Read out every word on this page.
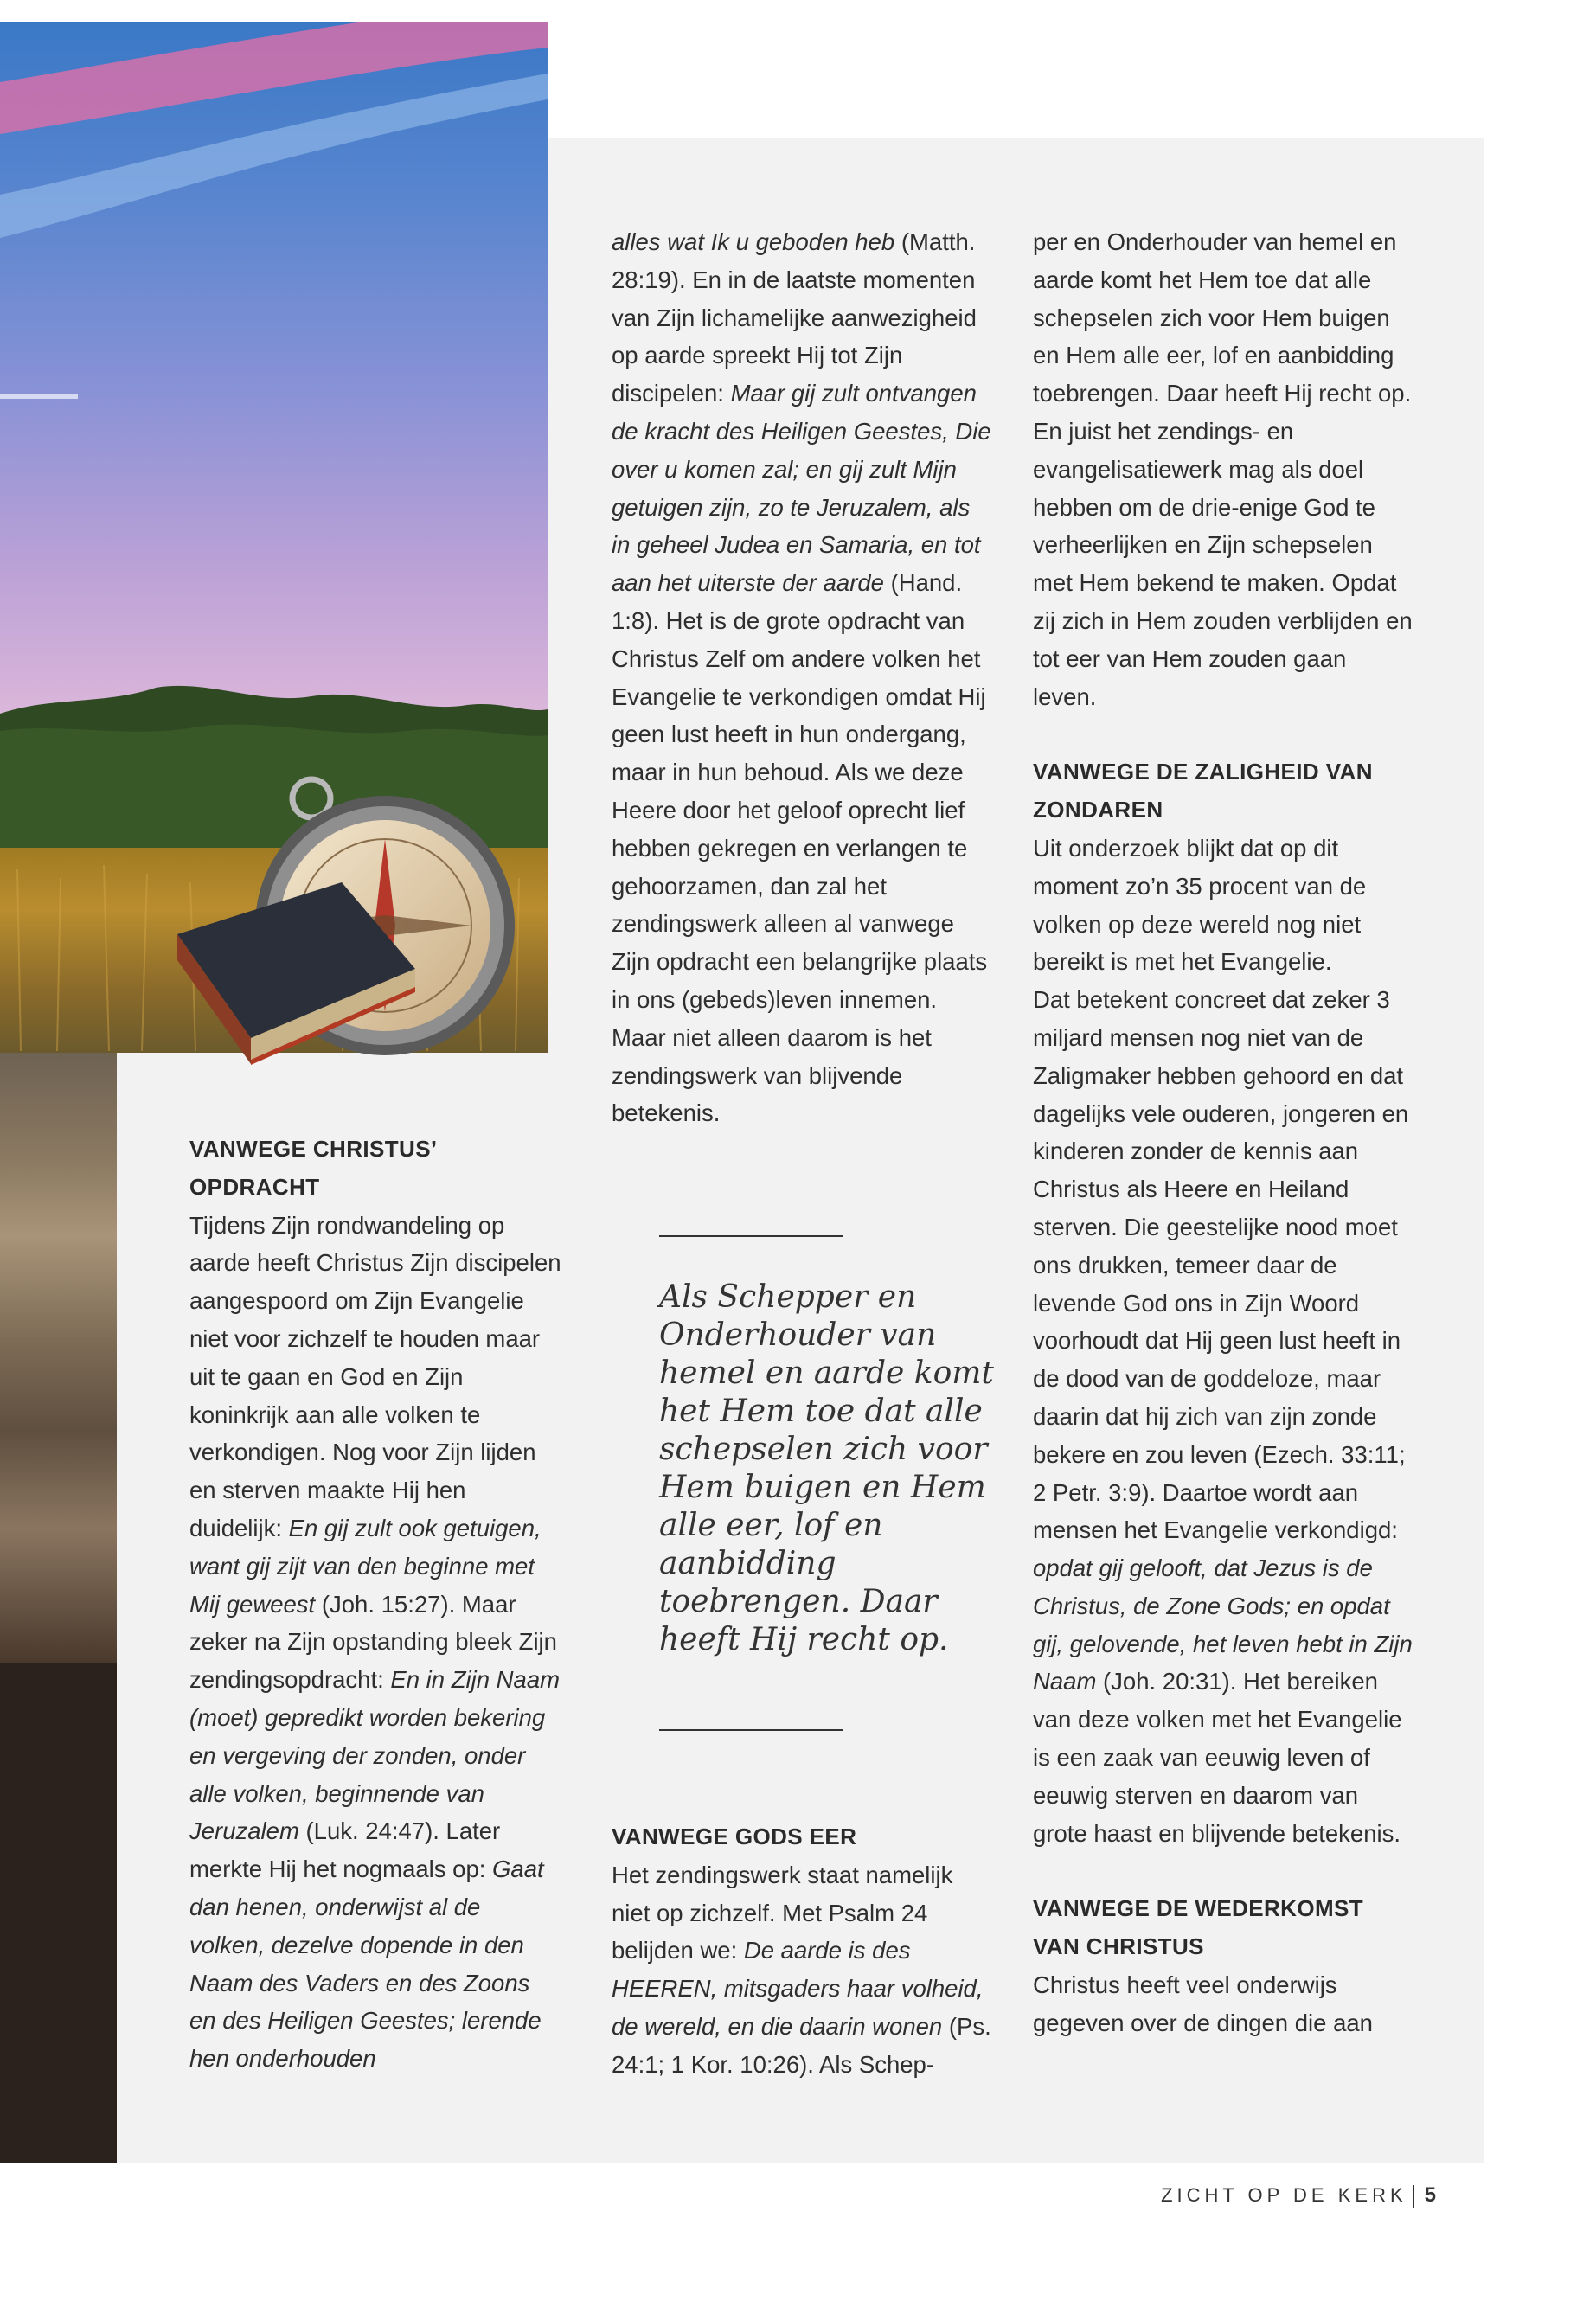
VANWEGE CHRISTUS’ OPDRACHT

Tijdens Zijn rondwandeling op aarde heeft Christus Zijn discipelen aangespoord om Zijn Evangelie niet voor zichzelf te houden maar uit te gaan en God en Zijn koninkrijk aan alle volken te verkondigen. Nog voor Zijn lijden en sterven maakte Hij hen duidelijk: En gij zult ook getuigen, want gij zijt van den beginne met Mij geweest (Joh. 15:27). Maar zeker na Zijn opstanding bleek Zijn zendingsopdracht: En in Zijn Naam (moet) gepredikt worden bekering en vergeving der zonden, onder alle volken, beginnende van Jeruzalem (Luk. 24:47). Later merkte Hij het nogmaals op: Gaat dan henen, onderwijst al de volken, dezelve dopende in den Naam des Vaders en des Zoons en des Heiligen Geestes; lerende hen onderhouden

alles wat Ik u geboden heb (Matth. 28:19). En in de laatste momenten van Zijn lichamelijke aanwezigheid op aarde spreekt Hij tot Zijn discipelen: Maar gij zult ontvangen de kracht des Heiligen Geestes, Die over u komen zal; en gij zult Mijn getuigen zijn, zo te Jeruzalem, als in geheel Judea en Samaria, en tot aan het uiterste der aarde (Hand. 1:8). Het is de grote opdracht van Christus Zelf om andere volken het Evangelie te verkondigen omdat Hij geen lust heeft in hun ondergang, maar in hun behoud. Als we deze Heere door het geloof oprecht lief hebben gekregen en verlangen te gehoorzamen, dan zal het zendingswerk alleen al vanwege Zijn opdracht een belangrijke plaats in ons (gebeds)leven innemen. Maar niet alleen daarom is het zendingswerk van blijvende betekenis.

VANWEGE GODS EER

Het zendingswerk staat namelijk niet op zichzelf. Met Psalm 24 belijden we: De aarde is des HEEREN, mitsgaders haar volheid, de wereld, en die daarin wonen (Ps. 24:1; 1 Kor. 10:26). Als Schep-

Als Schepper en Onderhouder van hemel en aarde komt het Hem toe dat alle schepselen zich voor Hem buigen en Hem alle eer, lof en aanbidding toebrengen. Daar heeft Hij recht op.

per en Onderhouder van hemel en aarde komt het Hem toe dat alle schepselen zich voor Hem buigen en Hem alle eer, lof en aanbidding toebrengen. Daar heeft Hij recht op. En juist het zendings- en evangelisatiewerk mag als doel hebben om de drie-enige God te verheerlijken en Zijn schepselen met Hem bekend te maken. Opdat zij zich in Hem zouden verblijden en tot eer van Hem zouden gaan leven.

VANWEGE DE ZALIGHEID VAN ZONDAREN

Uit onderzoek blijkt dat op dit moment zo’n 35 procent van de volken op deze wereld nog niet bereikt is met het Evangelie.

Dat betekent concreet dat zeker 3 miljard mensen nog niet van de Zaligmaker hebben gehoord en dat dagelijks vele ouderen, jongeren en kinderen zonder de kennis aan Christus als Heere en Heiland sterven. Die geestelijke nood moet ons drukken, temeer daar de levende God ons in Zijn Woord voorhoudt dat Hij geen lust heeft in de dood van de goddeloze, maar daarin dat hij zich van zijn zonde bekere en zou leven (Ezech. 33:11; 2 Petr. 3:9). Daartoe wordt aan mensen het Evangelie verkondigd: opdat gij gelooft, dat Jezus is de Christus, de Zone Gods; en opdat gij, gelovende, het leven hebt in Zijn Naam (Joh. 20:31). Het bereiken van deze volken met het Evangelie is een zaak van eeuwig leven of eeuwig sterven en daarom van grote haast en blijvende betekenis.

VANWEGE DE WEDERKOMST VAN CHRISTUS

Christus heeft veel onderwijs gegeven over de dingen die aan

ZICHT OP DE KERK 5
